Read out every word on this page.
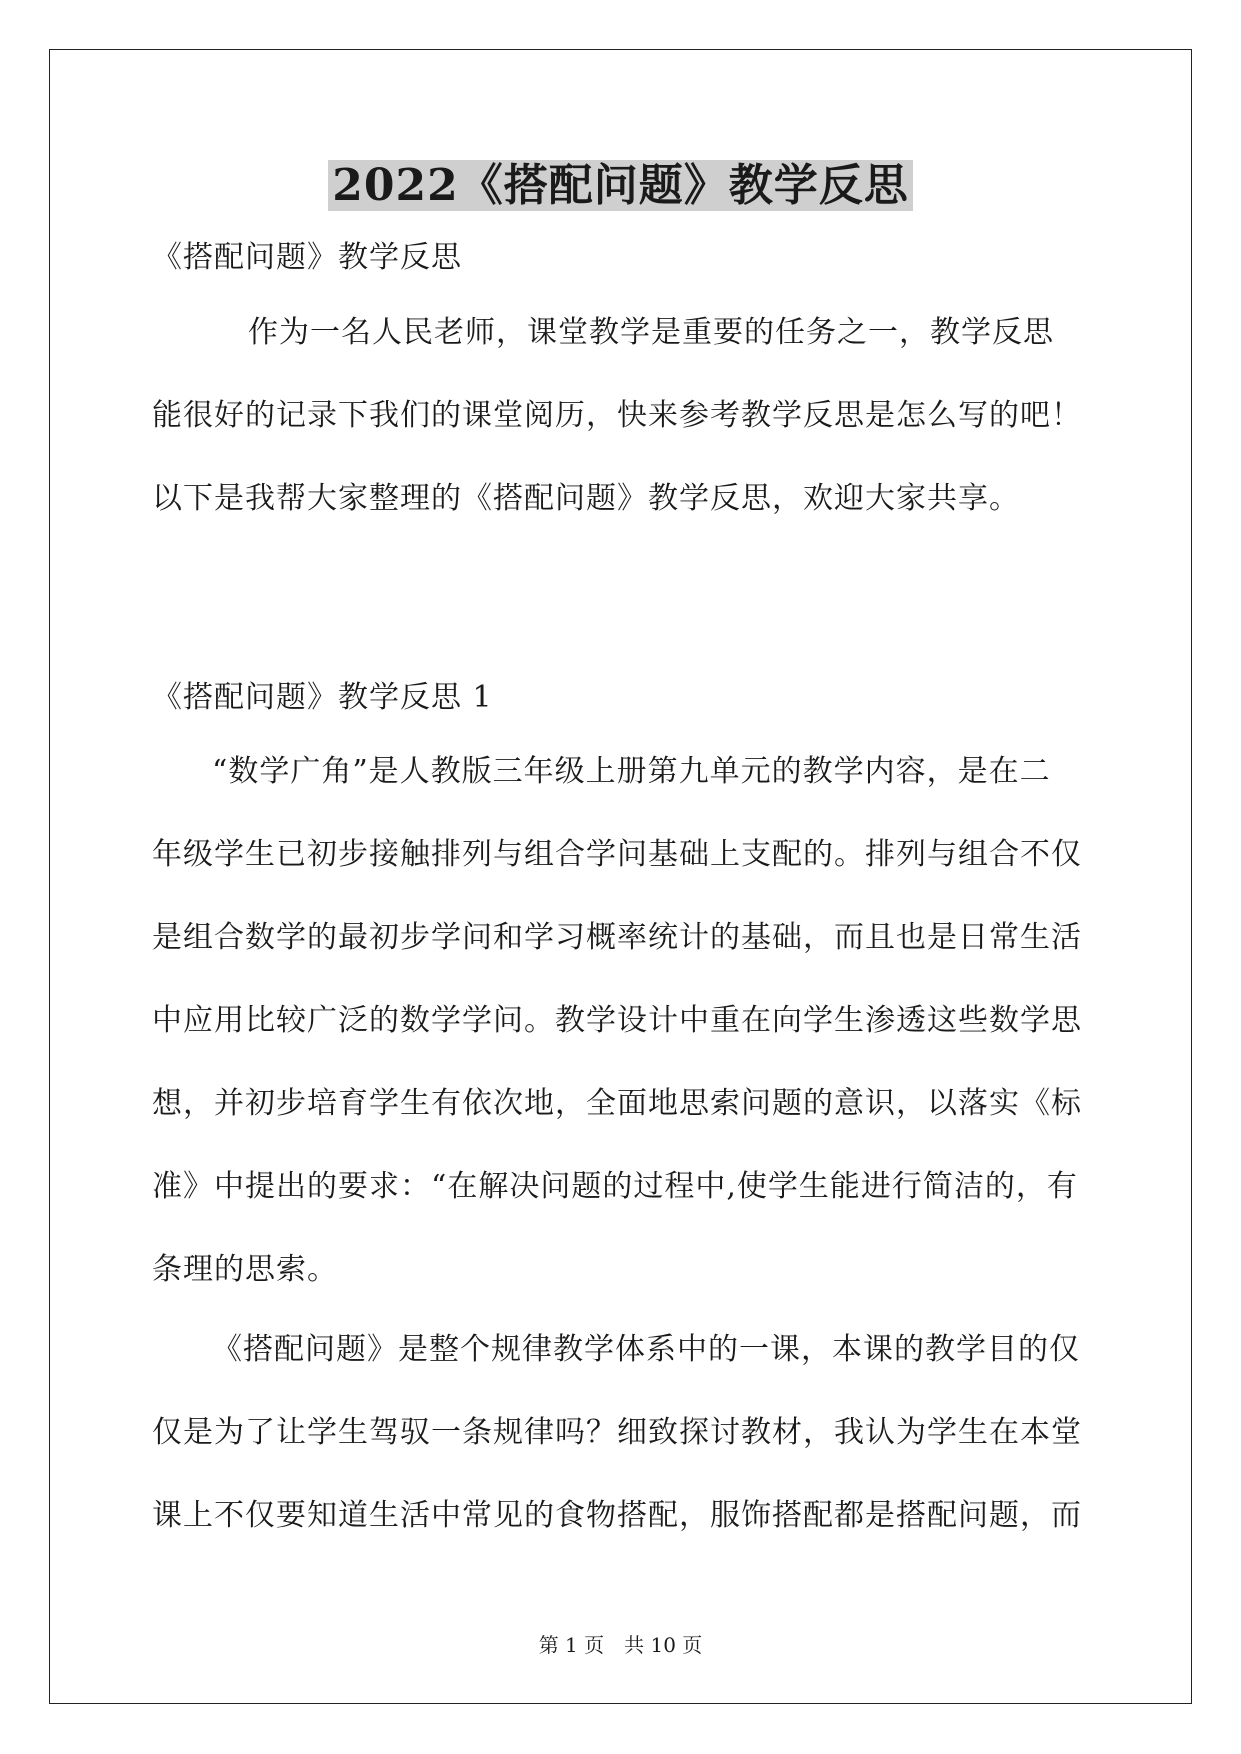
2022《搭配问题》教学反思

《搭配问题》教学反思

作为一名人民老师，课堂教学是重要的任务之一，教学反思

能很好的记录下我们的课堂阅历，快来参考教学反思是怎么写的吧！

以下是我帮大家整理的《搭配问题》教学反思，欢迎大家共享。

《搭配问题》教学反思 1

“数学广角”是人教版三年级上册第九单元的教学内容，是在二

年级学生已初步接触排列与组合学问基础上支配的。排列与组合不仅

是组合数学的最初步学问和学习概率统计的基础，而且也是日常生活

中应用比较广泛的数学学问。教学设计中重在向学生渗透这些数学思

想，并初步培育学生有依次地，全面地思索问题的意识，以落实《标

准》中提出的要求：“在解决问题的过程中,使学生能进行简洁的，有

条理的思索。

《搭配问题》是整个规律教学体系中的一课，本课的教学目的仅

仅是为了让学生驾驭一条规律吗？细致探讨教材，我认为学生在本堂

课上不仅要知道生活中常见的食物搭配，服饰搭配都是搭配问题，而

第 1 页　共 10 页
